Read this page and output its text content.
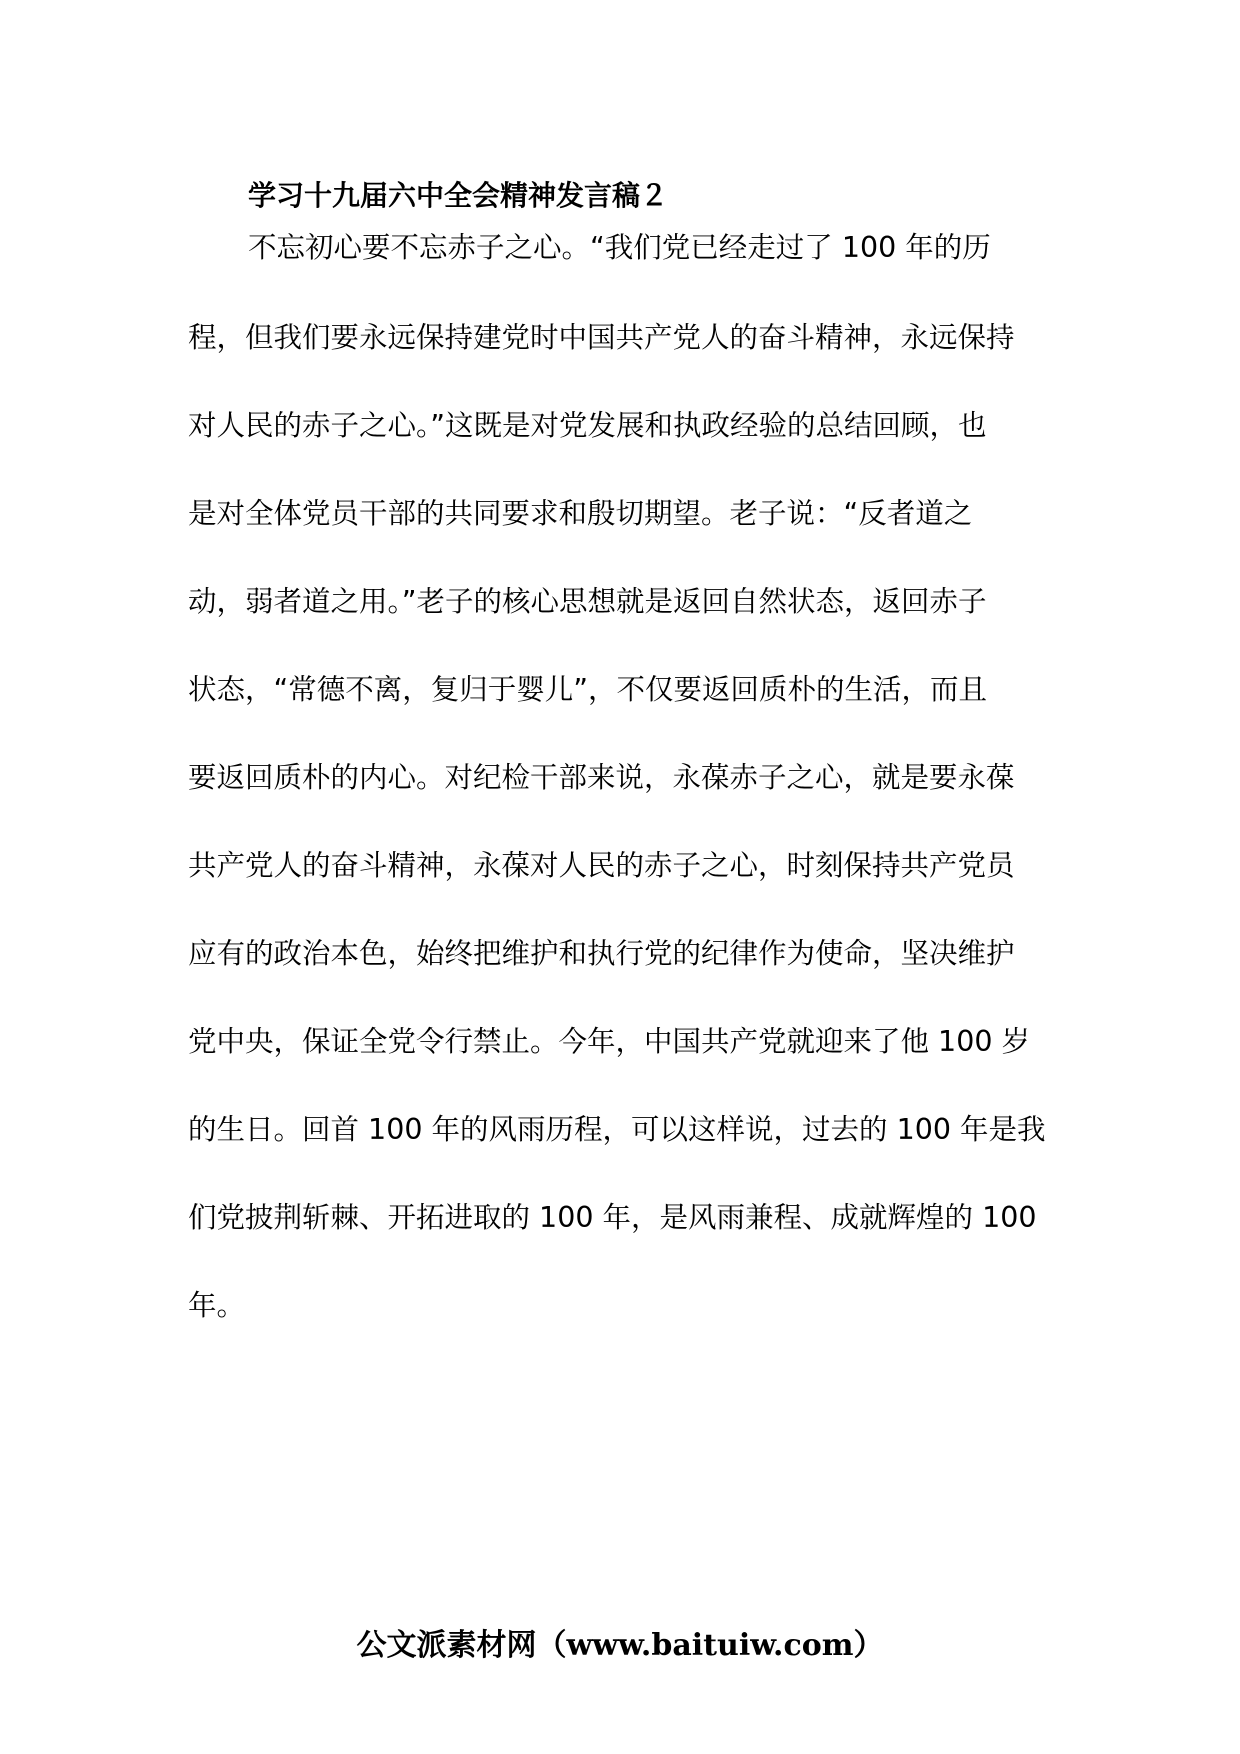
学习十九届六中全会精神发言稿２
不忘初心要不忘赤子之心。“我们党已经走过了 100 年的历
程，但我们要永远保持建党时中国共产党人的奋斗精神，永远保持
对人民的赤子之心。”这既是对党发展和执政经验的总结回顾，也
是对全体党员干部的共同要求和殷切期望。老子说：“反者道之
动，弱者道之用。”老子的核心思想就是返回自然状态，返回赤子
状态，“常德不离，复归于婴儿”，不仅要返回质朴的生活，而且
要返回质朴的内心。对纪检干部来说，永葆赤子之心，就是要永葆
共产党人的奋斗精神，永葆对人民的赤子之心，时刻保持共产党员
应有的政治本色，始终把维护和执行党的纪律作为使命，坚决维护
党中央，保证全党令行禁止。今年，中国共产党就迎来了他 100 岁
的生日。回首 100 年的风雨历程，可以这样说，过去的 100 年是我
们党披荆斩棘、开拓进取的 100 年，是风雨兼程、成就辉煌的 100
年。
公文派素材网（www.baituiw.com）
